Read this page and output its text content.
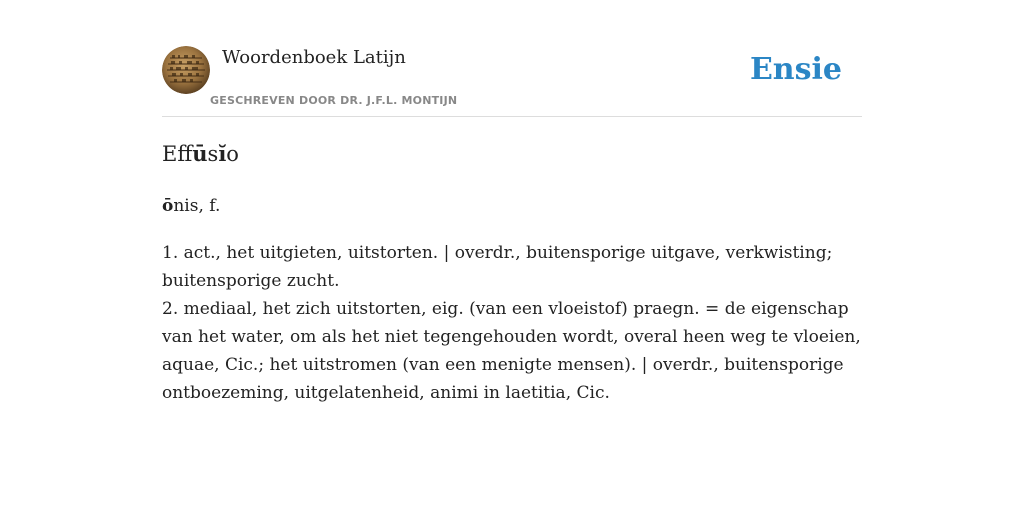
Woordenboek Latijn
GESCHREVEN DOOR DR. J.F.L. MONTIJN
Ensie
Effūsĭo
ōnis, f.

1. act., het uitgieten, uitstorten. | overdr., buitensporige uitgave, verkwisting; buitensporige zucht.

2. mediaal, het zich uitstorten, eig. (van een vloeistof) praegn. = de eigenschap van het water, om als het niet tegengehouden wordt, overal heen weg te vloeien, aquae, Cic.; het uitstromen (van een menigte mensen). | overdr., buitensporige ontboezeming, uitgelatenheid, animi in laetitia, Cic.
